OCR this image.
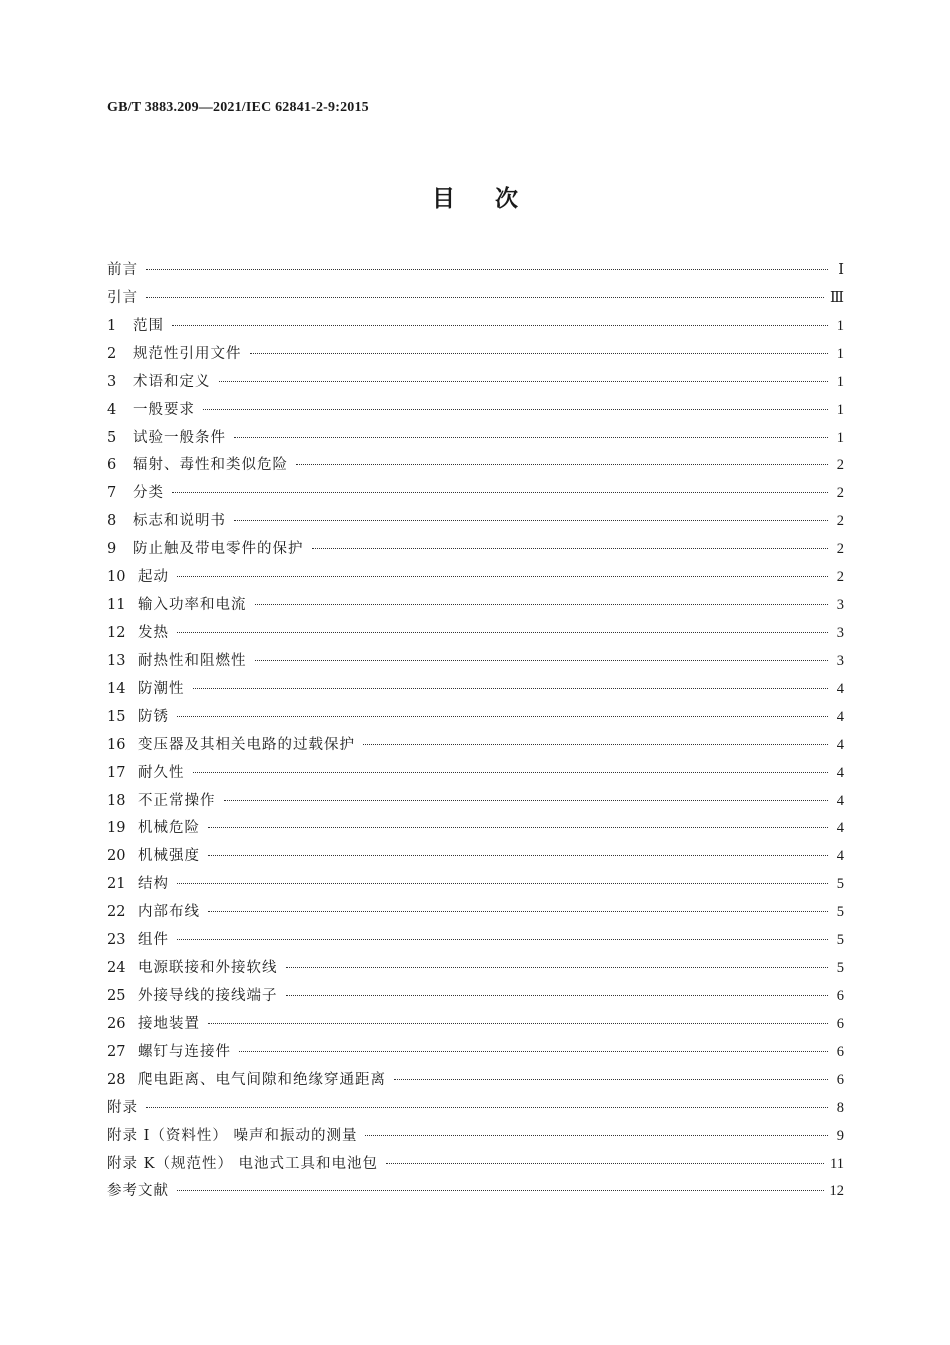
GB/T 3883.209—2021/IEC 62841-2-9:2015
目次
前言	Ⅰ
引言	Ⅲ
1	范围	1
2	规范性引用文件	1
3	术语和定义	1
4	一般要求	1
5	试验一般条件	1
6	辐射、毒性和类似危险	2
7	分类	2
8	标志和说明书	2
9	防止触及带电零件的保护	2
10 起动	2
11 输入功率和电流	3
12 发热	3
13 耐热性和阻燃性	3
14 防潮性	4
15 防锈	4
16 变压器及其相关电路的过载保护	4
17 耐久性	4
18 不正常操作	4
19 机械危险	4
20 机械强度	4
21 结构	5
22 内部布线	5
23 组件	5
24 电源联接和外接软线	5
25 外接导线的接线端子	6
26 接地装置	6
27 螺钉与连接件	6
28 爬电距离、电气间隙和绝缘穿通距离	6
附录	8
附录 I（资料性） 噪声和振动的测量	9
附录 K（规范性） 电池式工具和电池包	11
参考文献	12
